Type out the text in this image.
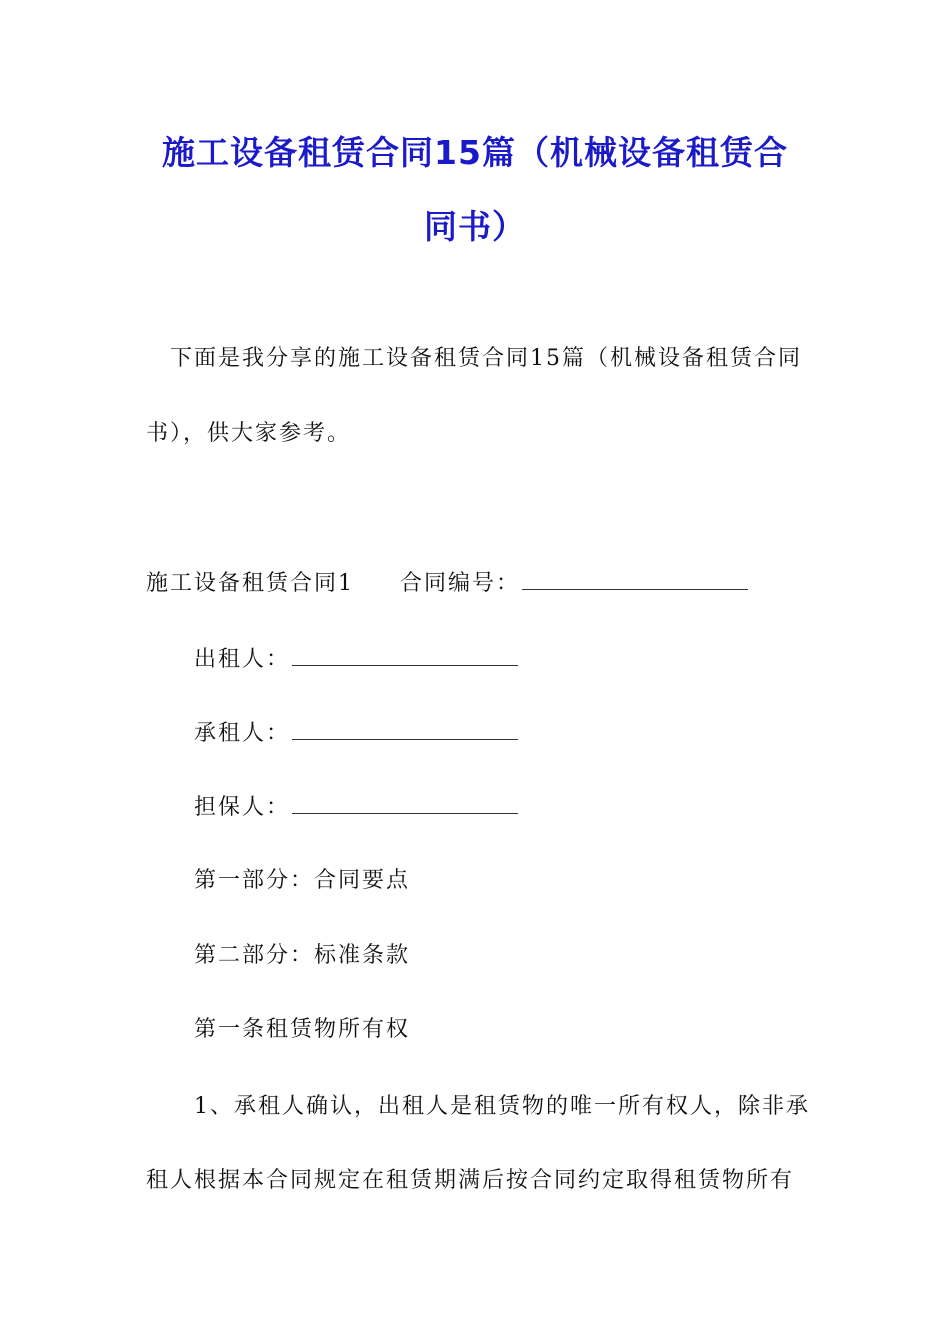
施工设备租赁合同15篇（机械设备租赁合
同书）
下面是我分享的施工设备租赁合同15篇（机械设备租赁合同
书），供大家参考。
施工设备租赁合同1 合同编号：
出租人：
承租人：
担保人：
第一部分：合同要点
第二部分：标准条款
第一条租赁物所有权
1、承租人确认，出租人是租赁物的唯一所有权人，除非承
租人根据本合同规定在租赁期满后按合同约定取得租赁物所有
